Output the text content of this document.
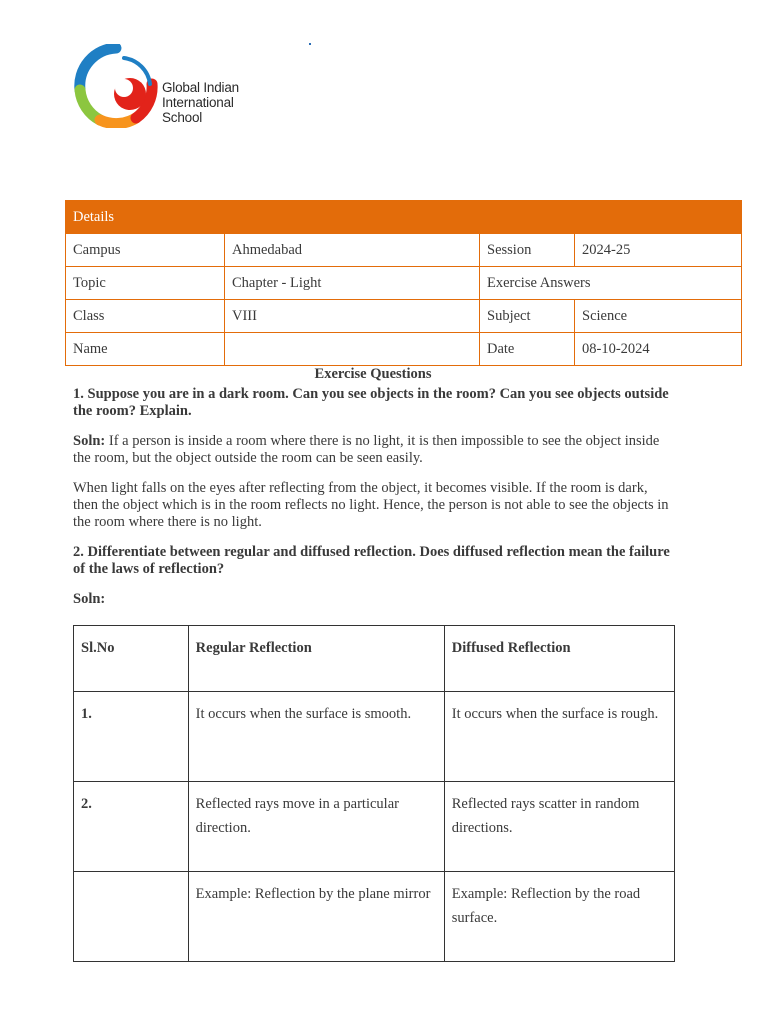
Global Indian
International
School
Details			
Campus	Ahmedabad	Session	2024-25
Topic	Chapter - Light	Exercise Answers	
Class	VIII	Subject	Science
Name		Date	08-10-2024
Exercise Questions
1. Suppose you are in a dark room. Can you see objects in the room? Can you see objects outside the room? Explain.
Soln: If a person is inside a room where there is no light, it is then impossible to see the object inside the room, but the object outside the room can be seen easily.
When light falls on the eyes after reflecting from the object, it becomes visible. If the room is dark, then the object which is in the room reflects no light. Hence, the person is not able to see the objects in the room where there is no light.
2. Differentiate between regular and diffused reflection. Does diffused reflection mean the failure of the laws of reflection?
Soln:
Sl.No	Regular Reflection	Diffused Reflection
1.	It occurs when the surface is smooth.	It occurs when the surface is rough.
2.	Reflected rays move in a particular direction.	Reflected rays scatter in random directions.
	Example: Reflection by the plane mirror	Example: Reflection by the road surface.
